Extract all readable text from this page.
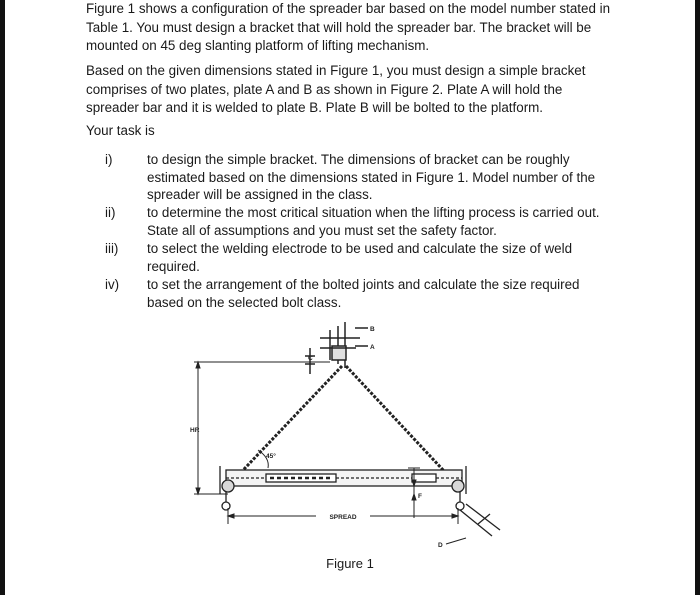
Figure 1 shows a configuration of the spreader bar based on the model number stated in Table 1. You must design a bracket that will hold the spreader bar. The bracket will be mounted on 45 deg slanting platform of lifting mechanism.

Based on the given dimensions stated in Figure 1, you must design a simple bracket comprises of two plates, plate A and B as shown in Figure 2. Plate A will hold the spreader bar and it is welded to plate B. Plate B will be bolted to the platform.

Your task is

i)	to design the simple bracket. The dimensions of bracket can be roughly estimated based on the dimensions stated in Figure 1. Model number of the spreader will be assigned in the class.
ii) to determine the most critical situation when the lifting process is carried out. State all of assumptions and you must set the safety factor.
iii) to select the welding electrode to be used and calculate the size of weld required.
iv) to set the arrangement of the bolted joints and calculate the size required based on the selected bolt class.
B
A
C
HR
45°
F
SPREAD
D
Figure 1
